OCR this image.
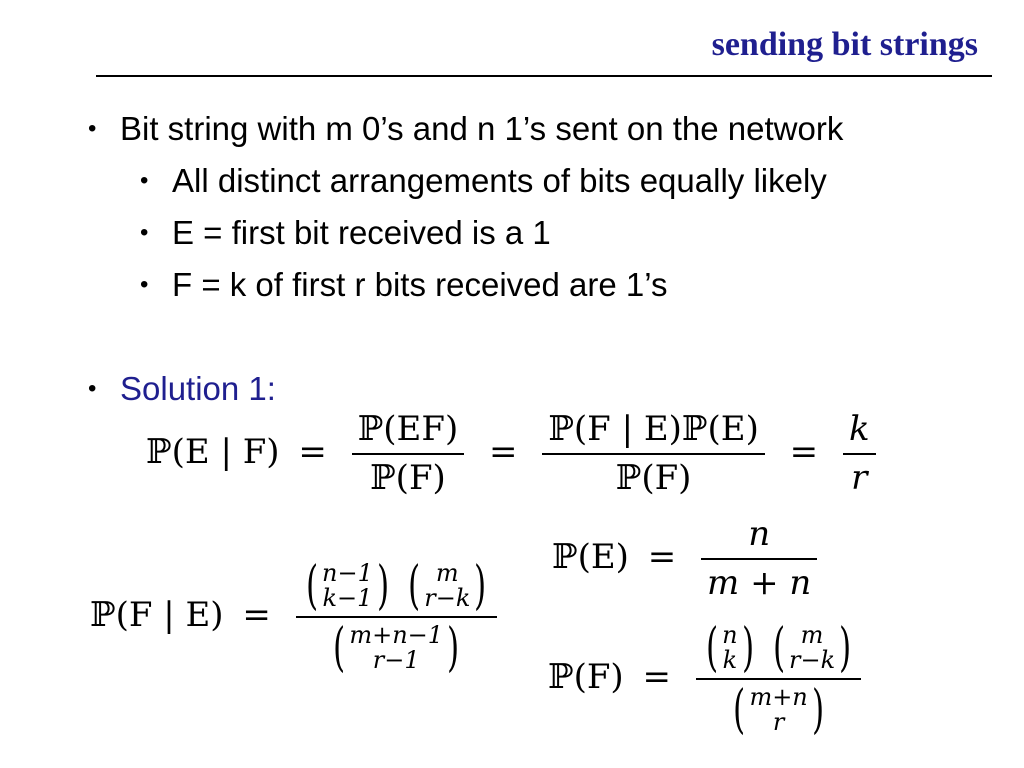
sending bit strings
• Bit string with m 0’s and n 1’s sent on the network
• All distinct arrangements of bits equally likely
• E = first bit received is a 1
• F = k of first r bits received are 1’s
• Solution 1:
ℙ(E | $F) = \frac{\text{ℙ(EF)}}{\text{ℙ(F)}} = \frac{\text{ℙ(F | E)ℙ(E)}}{\text{ℙ(F)}} = \frac{k}{r}$
ℙ(E) = $\frac{n}{m + n}$
ℙ(F | E) = ( n−1
k−1 )
( m
r−k )
( m+n−1
r−1 )	ℙ(F) = ( n
k )
( m
r−k )
( m+n
r )
